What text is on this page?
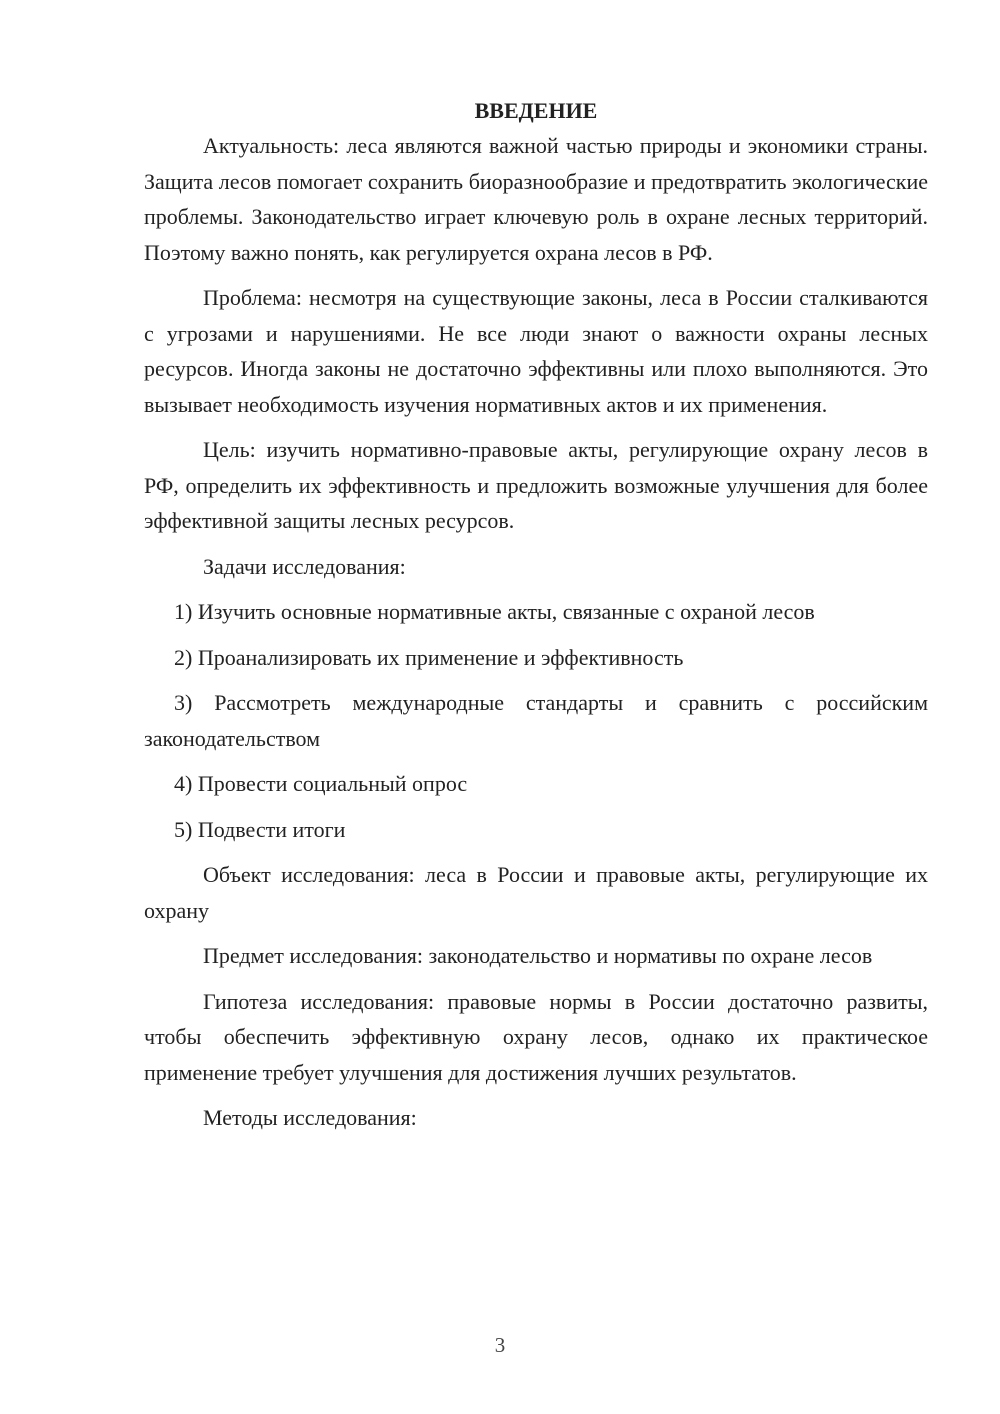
ВВЕДЕНИЕ

Актуальность: леса являются важной частью природы и экономики страны. Защита лесов помогает сохранить биоразнообразие и предотвратить экологические проблемы. Законодательство играет ключевую роль в охране лесных территорий. Поэтому важно понять, как регулируется охрана лесов в РФ.

Проблема: несмотря на существующие законы, леса в России сталкиваются с угрозами и нарушениями. Не все люди знают о важности охраны лесных ресурсов. Иногда законы не достаточно эффективны или плохо выполняются. Это вызывает необходимость изучения нормативных актов и их применения.

Цель: изучить нормативно-правовые акты, регулирующие охрану лесов в РФ, определить их эффективность и предложить возможные улучшения для более эффективной защиты лесных ресурсов.

Задачи исследования:

1) Изучить основные нормативные акты, связанные с охраной лесов

2) Проанализировать их применение и эффективность

3) Рассмотреть международные стандарты и сравнить с российским законодательством

4) Провести социальный опрос

5) Подвести итоги

Объект исследования: леса в России и правовые акты, регулирующие их охрану

Предмет исследования: законодательство и нормативы по охране лесов

Гипотеза исследования: правовые нормы в России достаточно развиты, чтобы обеспечить эффективную охрану лесов, однако их практическое применение требует улучшения для достижения лучших результатов.

Методы исследования:

3
